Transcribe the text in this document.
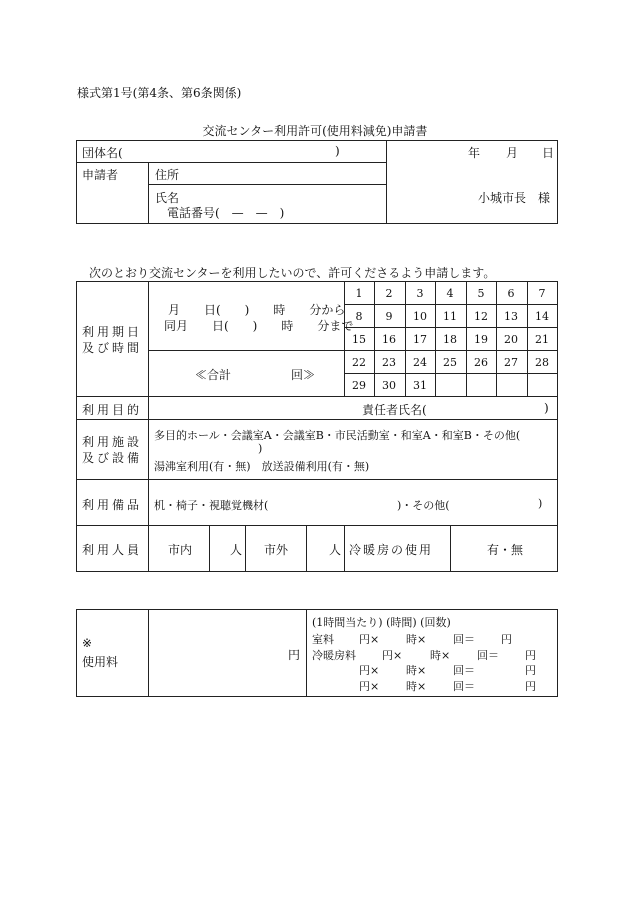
様式第1号(第4条、第6条関係)
交流センター利用許可(使用料減免)申請書
団体名(	)	年 月 日
申請者	住所
氏名
電話番号(　—　—　)
小城市長　様
次のとおり交流センターを利用したいので、許可くださるよう申請します。
利用期日
及び時間
月　　日(　　)　　時　　分から
同月　　日(　　)　　時　　分まで
≪合計　　　　　回≫
1	2	3	4	5	6	7
8	9	10	11	12	13	14
15	16	17	18	19	20	21
22	23	24	25	26	27	28
29	30	31
利用目的	責任者氏名(	)
利用施設
及び設備
多目的ホール・会議室A・会議室B・市民活動室・和室A・和室B・その他(
)
湯沸室利用(有・無)　放送設備利用(有・無)
利用備品 机・椅子・視聴覚機材(	)・その他(	)
利用人員 市内	人 市外	人 冷暖房の使用	有・無
※
使用料	円
(1時間当たり) (時間) (回数)
室料 円× 時× 回＝ 円
冷暖房料 円×	時× 回＝ 円
円× 時× 回＝	円
円× 時× 回＝	円
